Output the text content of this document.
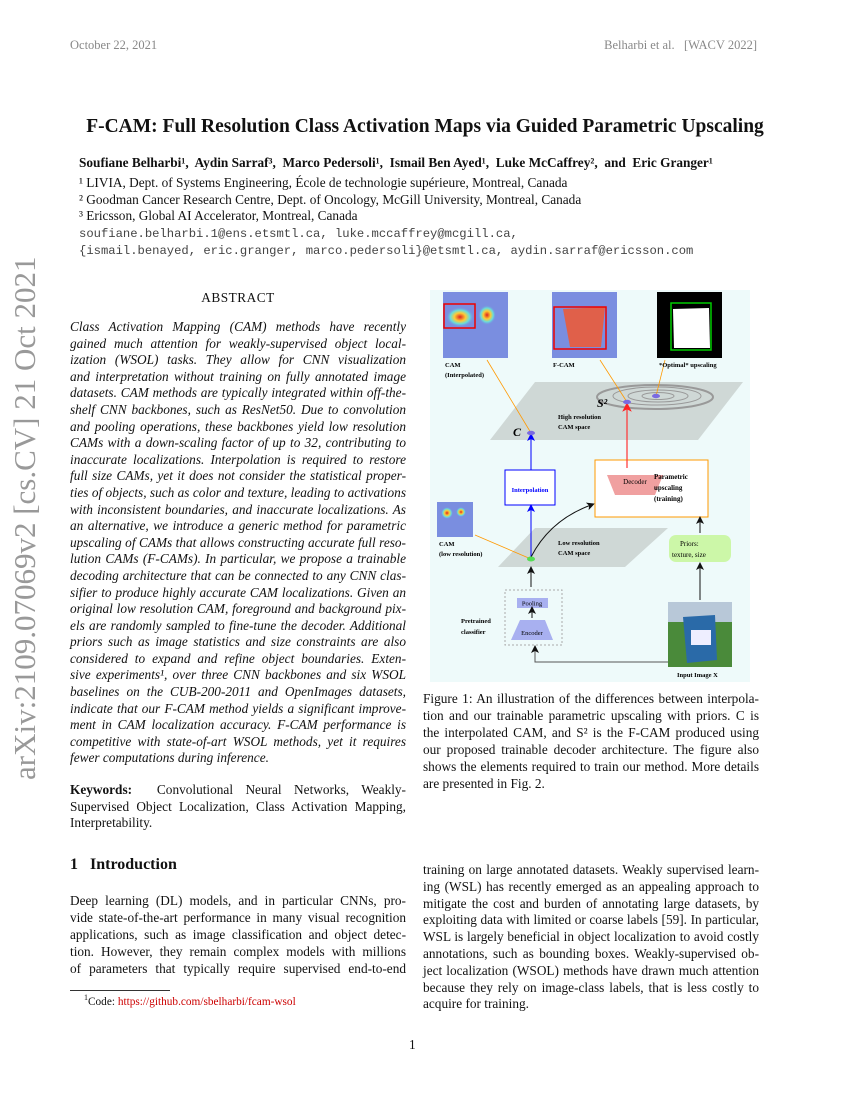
October 22, 2021	Belharbi et al.   [WACV 2022]
F-CAM: Full Resolution Class Activation Maps via Guided Parametric Upscaling
Soufiane Belharbi¹,  Aydin Sarraf³,  Marco Pedersoli¹,  Ismail Ben Ayed¹,  Luke McCaffrey²,  and  Eric Granger¹
¹ LIVIA, Dept. of Systems Engineering, École de technologie supérieure, Montreal, Canada
² Goodman Cancer Research Centre, Dept. of Oncology, McGill University, Montreal, Canada
³ Ericsson, Global AI Accelerator, Montreal, Canada
soufiane.belharbi.1@ens.etsmtl.ca, luke.mccaffrey@mcgill.ca,
{ismail.benayed, eric.granger, marco.pedersoli}@etsmtl.ca, aydin.sarraf@ericsson.com
arXiv:2109.07069v2 [cs.CV] 21 Oct 2021	ABSTRACT
Class Activation Mapping (CAM) methods have recently
gained much attention for weakly-supervised object local-
ization (WSOL) tasks. They allow for CNN visualization
and interpretation without training on fully annotated image
datasets. CAM methods are typically integrated within off-the-
shelf CNN backbones, such as ResNet50. Due to convolution
and pooling operations, these backbones yield low resolution
CAMs with a down-scaling factor of up to 32, contributing to
inaccurate localizations. Interpolation is required to restore
full size CAMs, yet it does not consider the statistical proper-
ties of objects, such as color and texture, leading to activations
with inconsistent boundaries, and inaccurate localizations. As
an alternative, we introduce a generic method for parametric
upscaling of CAMs that allows constructing accurate full reso-
lution CAMs (F-CAMs). In particular, we propose a trainable
decoding architecture that can be connected to any CNN clas-
sifier to produce highly accurate CAM localizations. Given an
original low resolution CAM, foreground and background pix-
els are randomly sampled to fine-tune the decoder. Additional
priors such as image statistics and size constraints are also
considered to expand and refine object boundaries. Exten-
sive experiments¹, over three CNN backbones and six WSOL
baselines on the CUB-200-2011 and OpenImages datasets,
indicate that our F-CAM method yields a significant improve-
ment in CAM localization accuracy. F-CAM performance is
competitive with state-of-art WSOL methods, yet it requires
fewer computations during inference.
Keywords: Convolutional Neural Networks, Weakly-
Supervised Object Localization, Class Activation Mapping,
Interpretability.
1 Introduction
Deep learning (DL) models, and in particular CNNs, pro-
vide state-of-the-art performance in many visual recognition
applications, such as image classification and object detec-
tion. However, they remain complex models with millions
of parameters that typically require supervised end-to-end
$^1$Code: https://github.com/sbelharbi/fcam-wsol
Figure 1: An illustration of the differences between interpola-
tion and our trainable parametric upscaling with priors. C is
the interpolated CAM, and S² is the F-CAM produced using
our proposed trainable decoder architecture. The figure also
shows the elements required to train our method. More details
are presented in Fig. 2.
training on large annotated datasets. Weakly supervised learn-
ing (WSL) has recently emerged as an appealing approach to
mitigate the cost and burden of annotating large datasets, by
exploiting data with limited or coarse labels [59]. In particular,
WSL is largely beneficial in object localization to avoid costly
annotations, such as bounding boxes. Weakly-supervised ob-
ject localization (WSOL) methods have drawn much attention
because they rely on image-class labels, that is less costly to
acquire for training.
1
Interpolation
Decoder
Parametric
upscaling
(training)
Priors:
texture, size
Pooling
Encoder
CAM
(Interpolated)
F-CAM	*Optimal* upscaling
High resolution
CAM space
Low resolution
CAM space
CAM
(low resolution)
Pretrained
classifier
Input Image X
C
S²
